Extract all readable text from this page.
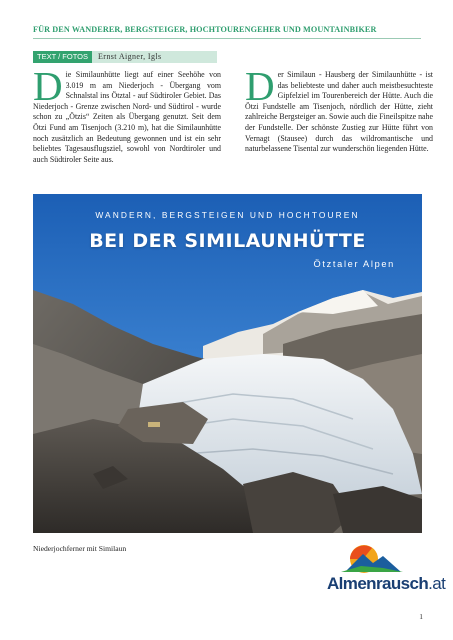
FÜR DEN WANDERER, BERGSTEIGER, HOCHTOURENGEHER UND MOUNTAINBIKER
TEXT / FOTOS	Ernst Aigner, Igls
Die Similaunhütte liegt auf einer Seehöhe von 3.019 m am Niederjoch - Übergang vom Schnalstal ins Ötztal - auf Südtiroler Gebiet. Das Niederjoch - Grenze zwischen Nord- und Südtirol - wurde schon zu „Ötzis“ Zeiten als Übergang genutzt. Seit dem Ötzi Fund am Tisenjoch (3.210 m), hat die Similaunhütte noch zusätzlich an Bedeutung gewonnen und ist ein sehr beliebtes Tagesausflugsziel, sowohl von Nordtiroler und auch Südtiroler Seite aus.
Der Similaun - Hausberg der Similaunhütte - ist das beliebteste und daher auch meistbesuchteste Gipfelziel im Tourenbereich der Hütte. Auch die Ötzi Fundstelle am Tisenjoch, nördlich der Hütte, zieht zahlreiche Bergsteiger an. Sowie auch die Fineilspitze nahe der Fundstelle. Der schönste Zustieg zur Hütte führt von Vernagt (Stausee) durch das wildromantische und naturbelassene Tisental zur wunderschön liegenden Hütte.
WANDERN, BERGSTEIGEN UND HOCHTOUREN
BEI DER SIMILAUNHÜTTE
Ötztaler Alpen
Niederjochferner mit Similaun
Almenrausch.at
1
